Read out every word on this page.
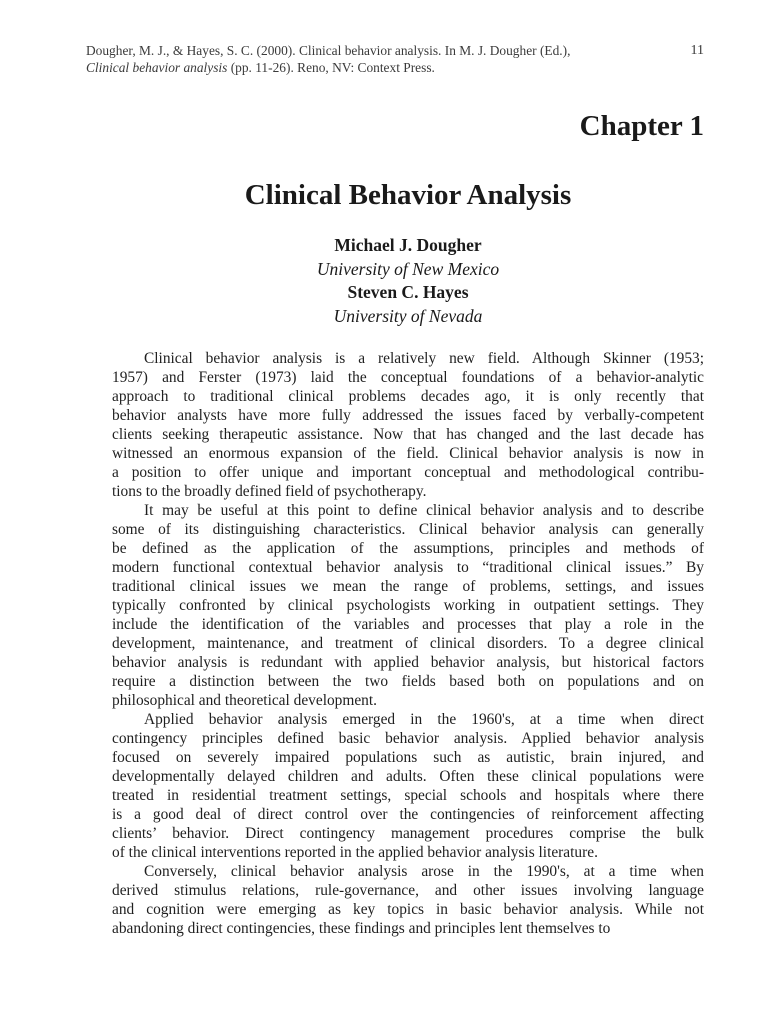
Dougher, M. J., & Hayes, S. C. (2000). Clinical behavior analysis. In M. J. Dougher (Ed.),
Clinical behavior analysis (pp. 11-26). Reno, NV: Context Press.
11
Chapter 1
Clinical Behavior Analysis
Michael J. Dougher
University of New Mexico
Steven C. Hayes
University of Nevada

Clinical behavior analysis is a relatively new field. Although Skinner (1953;
1957) and Ferster (1973) laid the conceptual foundations of a behavior-analytic
approach to traditional clinical problems decades ago, it is only recently that
behavior analysts have more fully addressed the issues faced by verbally-competent
clients seeking therapeutic assistance. Now that has changed and the last decade has
witnessed an enormous expansion of the field. Clinical behavior analysis is now in
a position to offer unique and important conceptual and methodological contribu-
tions to the broadly defined field of psychotherapy.

It may be useful at this point to define clinical behavior analysis and to describe
some of its distinguishing characteristics. Clinical behavior analysis can generally
be defined as the application of the assumptions, principles and methods of
modern functional contextual behavior analysis to “traditional clinical issues.” By
traditional clinical issues we mean the range of problems, settings, and issues
typically confronted by clinical psychologists working in outpatient settings. They
include the identification of the variables and processes that play a role in the
development, maintenance, and treatment of clinical disorders. To a degree clinical
behavior analysis is redundant with applied behavior analysis, but historical factors
require a distinction between the two fields based both on populations and on
philosophical and theoretical development.

Applied behavior analysis emerged in the 1960's, at a time when direct
contingency principles defined basic behavior analysis. Applied behavior analysis
focused on severely impaired populations such as autistic, brain injured, and
developmentally delayed children and adults. Often these clinical populations were
treated in residential treatment settings, special schools and hospitals where there
is a good deal of direct control over the contingencies of reinforcement affecting
clients’ behavior. Direct contingency management procedures comprise the bulk
of the clinical interventions reported in the applied behavior analysis literature.

Conversely, clinical behavior analysis arose in the 1990's, at a time when
derived stimulus relations, rule-governance, and other issues involving language
and cognition were emerging as key topics in basic behavior analysis. While not
abandoning direct contingencies, these findings and principles lent themselves to
